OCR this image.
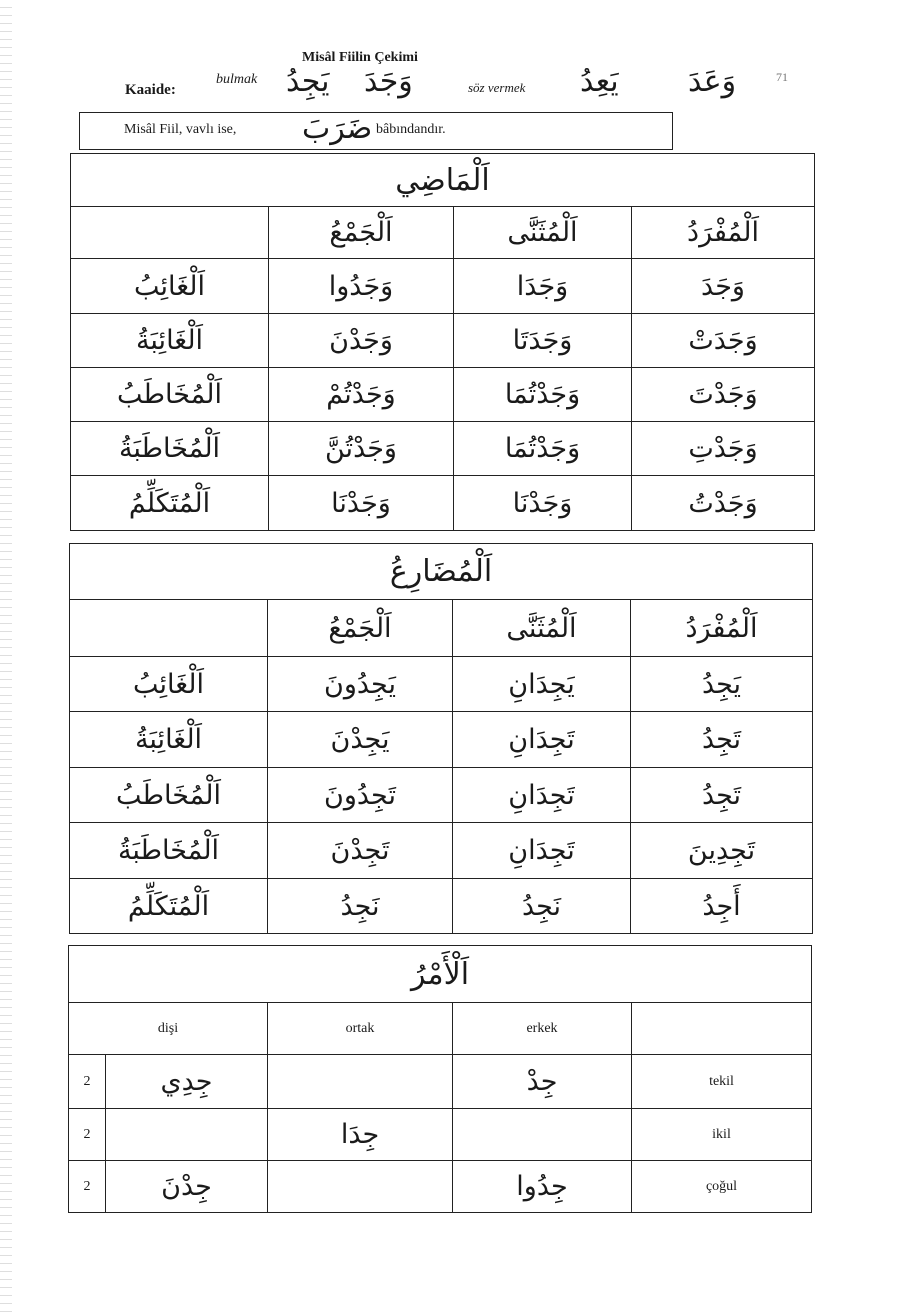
Misâl Fiilin Çekimi
71
Kaaide:
bulmak يَجِدُ وَجَدَ	söz vermek يَعِدُ وَعَدَ
Misâl Fiil, vavlı ise, ضَرَبَ bâbındandır.
اَلْمَاضِي			
	اَلْجَمْعُ	اَلْمُثَنَّى	اَلْمُفْرَدُ
اَلْغَائِبُ	وَجَدُوا	وَجَدَا	وَجَدَ
اَلْغَائِبَةُ	وَجَدْنَ	وَجَدَتَا	وَجَدَتْ
اَلْمُخَاطَبُ	وَجَدْتُمْ	وَجَدْتُمَا	وَجَدْتَ
اَلْمُخَاطَبَةُ	وَجَدْتُنَّ	وَجَدْتُمَا	وَجَدْتِ
اَلْمُتَكَلِّمُ	وَجَدْنَا	وَجَدْنَا	وَجَدْتُ
اَلْمُضَارِعُ			
	اَلْجَمْعُ	اَلْمُثَنَّى	اَلْمُفْرَدُ
اَلْغَائِبُ	يَجِدُونَ	يَجِدَانِ	يَجِدُ
اَلْغَائِبَةُ	يَجِدْنَ	تَجِدَانِ	تَجِدُ
اَلْمُخَاطَبُ	تَجِدُونَ	تَجِدَانِ	تَجِدُ
اَلْمُخَاطَبَةُ	تَجِدْنَ	تَجِدَانِ	تَجِدِينَ
اَلْمُتَكَلِّمُ	نَجِدُ	نَجِدُ	أَجِدُ
اَلْأَمْرُ				
dişi		ortak	erkek	
2	جِدِي		جِدْ	tekil
2		جِدَا		ikil
2	جِدْنَ		جِدُوا	çoğul
